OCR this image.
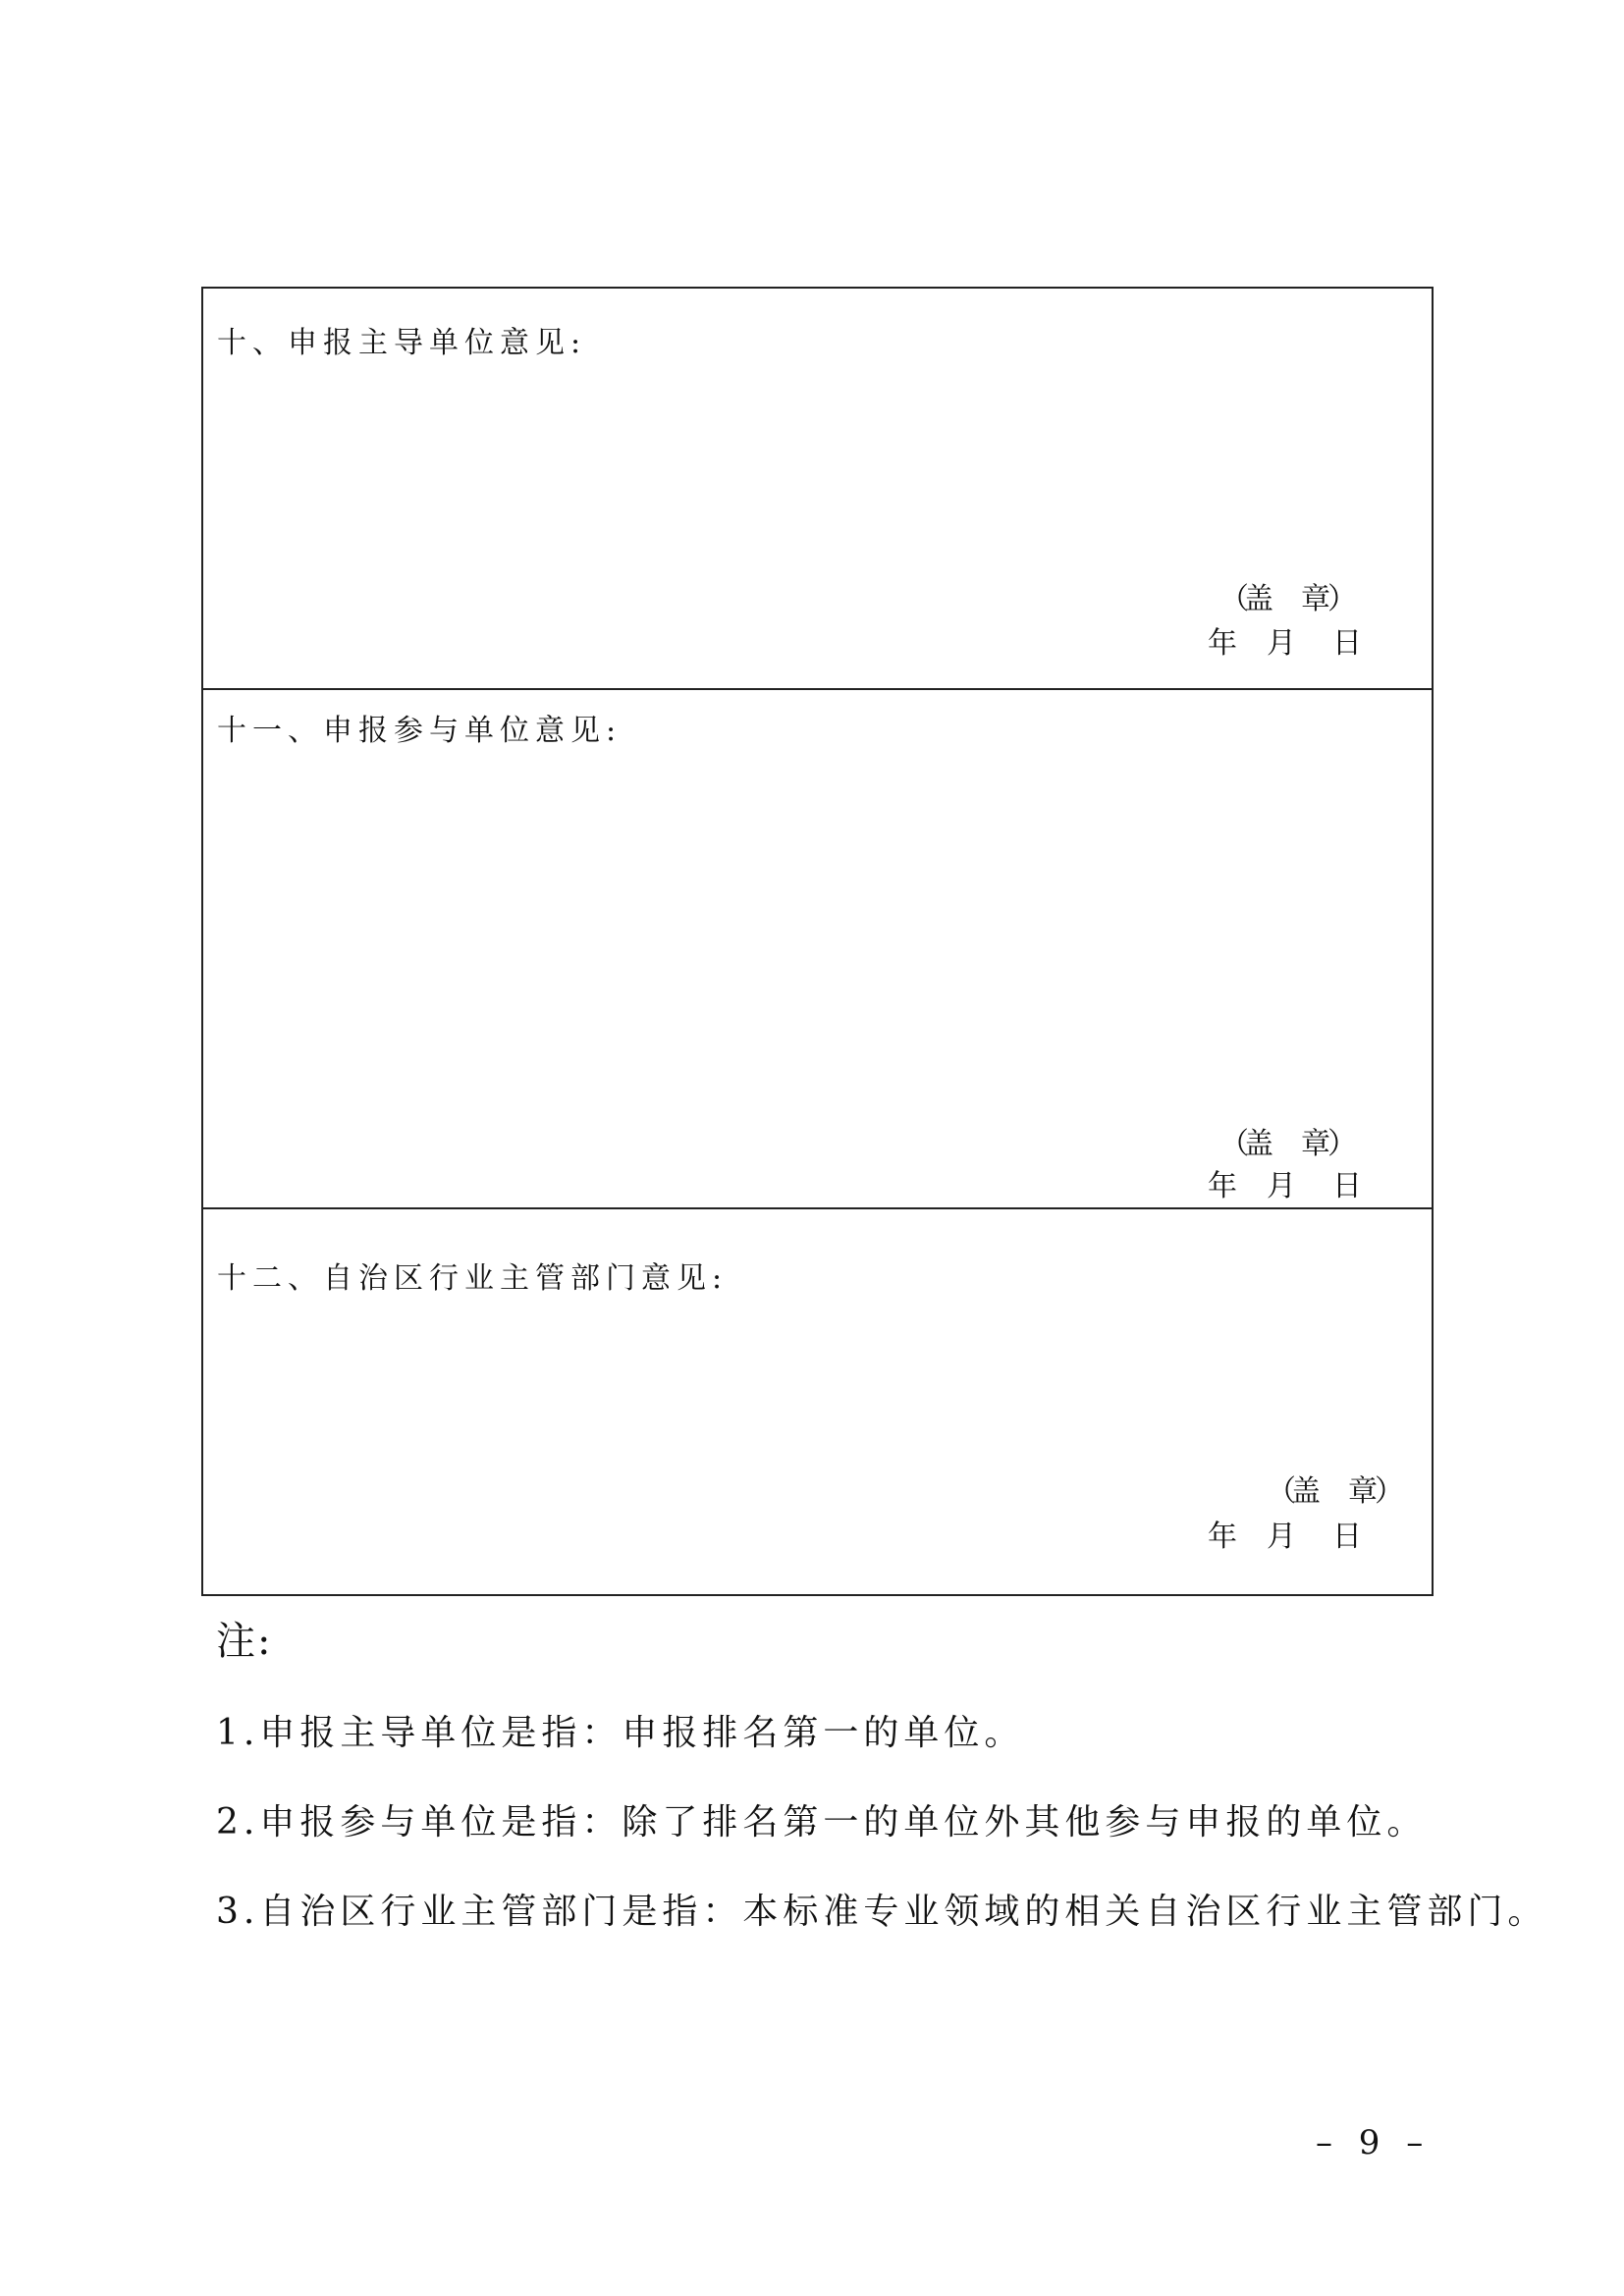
十、申报主导单位意见:
（
盖 章
）
年 月 日
十一、申报参与单位意见:
（
盖 章
）
年 月 日
十二、自治区行业主管部门意见:
（
盖 章
）
年 月 日
注:
1.申报主导单位是指：申报排名第一的单位。
2.申报参与单位是指：除了排名第一的单位外其他参与申报的单位。
3.自治区行业主管部门是指：本标准专业领域的相关自治区行业主管部门。
– 9 –
